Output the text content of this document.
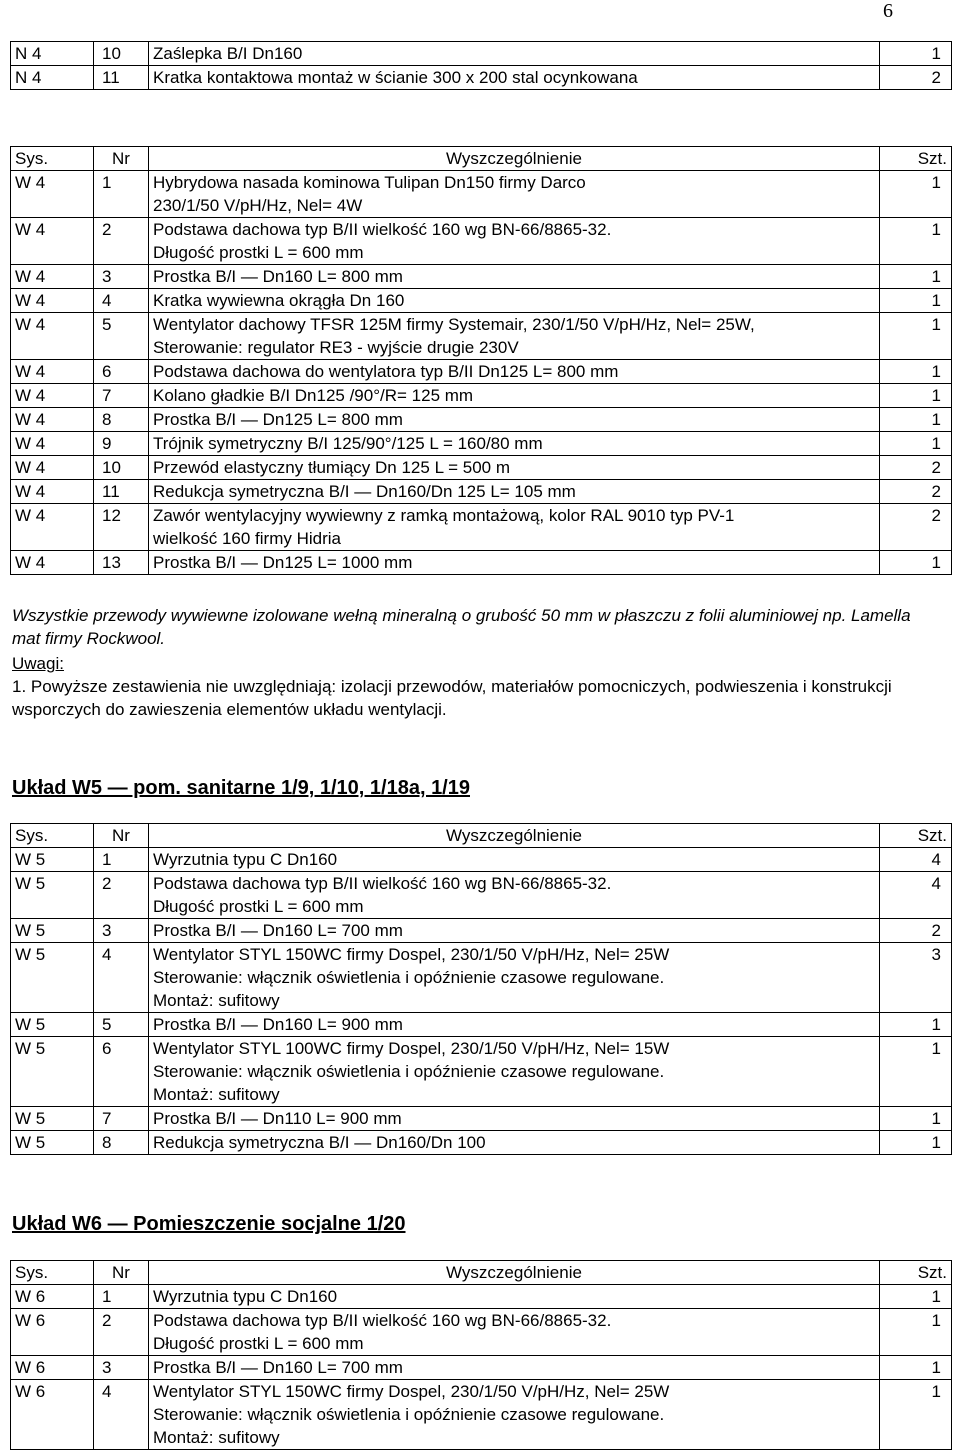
6
N 4	10	Zaślepka B/I Dn160	1
N 4	11	Kratka kontaktowa montaż w ścianie 300 x 200 stal ocynkowana	2
Sys.	Nr	Wyszczególnienie	Szt.
W 4	1	Hybrydowa nasada kominowa Tulipan Dn150 firmy Darco
230/1/50 V/pH/Hz, Nel= 4W	1
W 4	2	Podstawa dachowa typ B/II wielkość 160 wg BN-66/8865-32.
Długość prostki L = 600 mm	1
W 4	3	Prostka B/I — Dn160 L= 800 mm	1
W 4	4	Kratka wywiewna okrągła Dn 160	1
W 4	5	Wentylator dachowy TFSR 125M firmy Systemair, 230/1/50 V/pH/Hz, Nel= 25W,
Sterowanie: regulator RE3 - wyjście drugie 230V	1
W 4	6	Podstawa dachowa do wentylatora typ B/II Dn125 L= 800 mm	1
W 4	7	Kolano gładkie B/I Dn125 /90°/R= 125 mm	1
W 4	8	Prostka B/I — Dn125 L= 800 mm	1
W 4	9	Trójnik symetryczny B/I 125/90°/125 L = 160/80 mm	1
W 4	10	Przewód elastyczny tłumiący Dn 125 L = 500 m	2
W 4	11	Redukcja symetryczna B/I — Dn160/Dn 125 L= 105 mm	2
W 4	12	Zawór wentylacyjny wywiewny z ramką montażową, kolor RAL 9010 typ PV-1
wielkość 160 firmy Hidria	2
W 4	13	Prostka B/I — Dn125 L= 1000 mm	1
Wszystkie przewody wywiewne izolowane wełną mineralną o grubość 50 mm w płaszczu z folii aluminiowej np. Lamella mat firmy Rockwool.
Uwagi:
1. Powyższe zestawienia nie uwzględniają: izolacji przewodów, materiałów pomocniczych, podwieszenia i konstrukcji wsporczych do zawieszenia elementów układu wentylacji.
Układ W5 — pom. sanitarne 1/9, 1/10, 1/18a, 1/19
Sys.	Nr	Wyszczególnienie	Szt.
W 5	1	Wyrzutnia typu C Dn160	4
W 5	2	Podstawa dachowa typ B/II wielkość 160 wg BN-66/8865-32.
Długość prostki L = 600 mm	4
W 5	3	Prostka B/I — Dn160 L= 700 mm	2
W 5	4	Wentylator STYL 150WC firmy Dospel, 230/1/50 V/pH/Hz, Nel= 25W
Sterowanie: włącznik oświetlenia i opóźnienie czasowe regulowane.
Montaż: sufitowy	3
W 5	5	Prostka B/I — Dn160 L= 900 mm	1
W 5	6	Wentylator STYL 100WC firmy Dospel, 230/1/50 V/pH/Hz, Nel= 15W
Sterowanie: włącznik oświetlenia i opóźnienie czasowe regulowane.
Montaż: sufitowy	1
W 5	7	Prostka B/I — Dn110 L= 900 mm	1
W 5	8	Redukcja symetryczna B/I — Dn160/Dn 100	1
Układ W6 — Pomieszczenie socjalne 1/20
Sys.	Nr	Wyszczególnienie	Szt.
W 6	1	Wyrzutnia typu C Dn160	1
W 6	2	Podstawa dachowa typ B/II wielkość 160 wg BN-66/8865-32.
Długość prostki L = 600 mm	1
W 6	3	Prostka B/I — Dn160 L= 700 mm	1
W 6	4	Wentylator STYL 150WC firmy Dospel, 230/1/50 V/pH/Hz, Nel= 25W
Sterowanie: włącznik oświetlenia i opóźnienie czasowe regulowane.
Montaż: sufitowy	1
